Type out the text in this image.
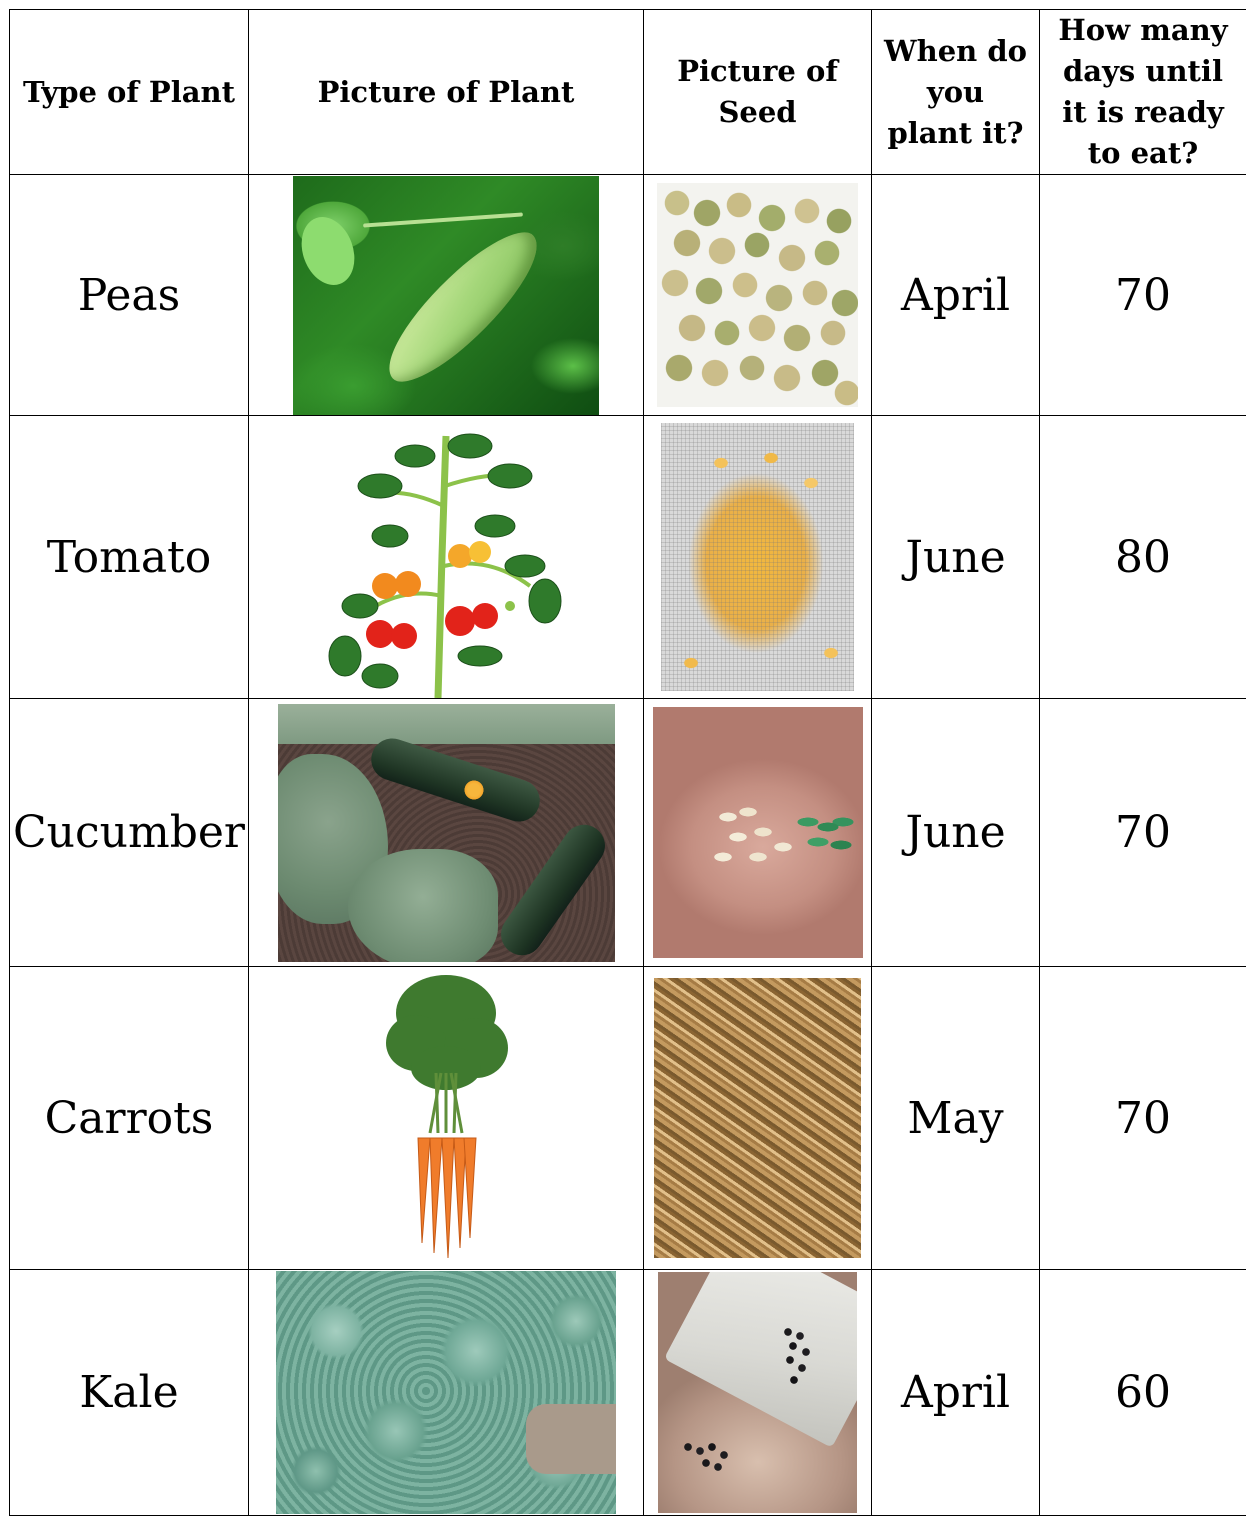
Type of Plant	Picture of Plant	Picture of Seed	When do you plant it?	How many days until it is ready to eat?

Peas			April	70
Tomato			June	80
Cucumber			June	70
Carrots			May	70
Kale			April	60
